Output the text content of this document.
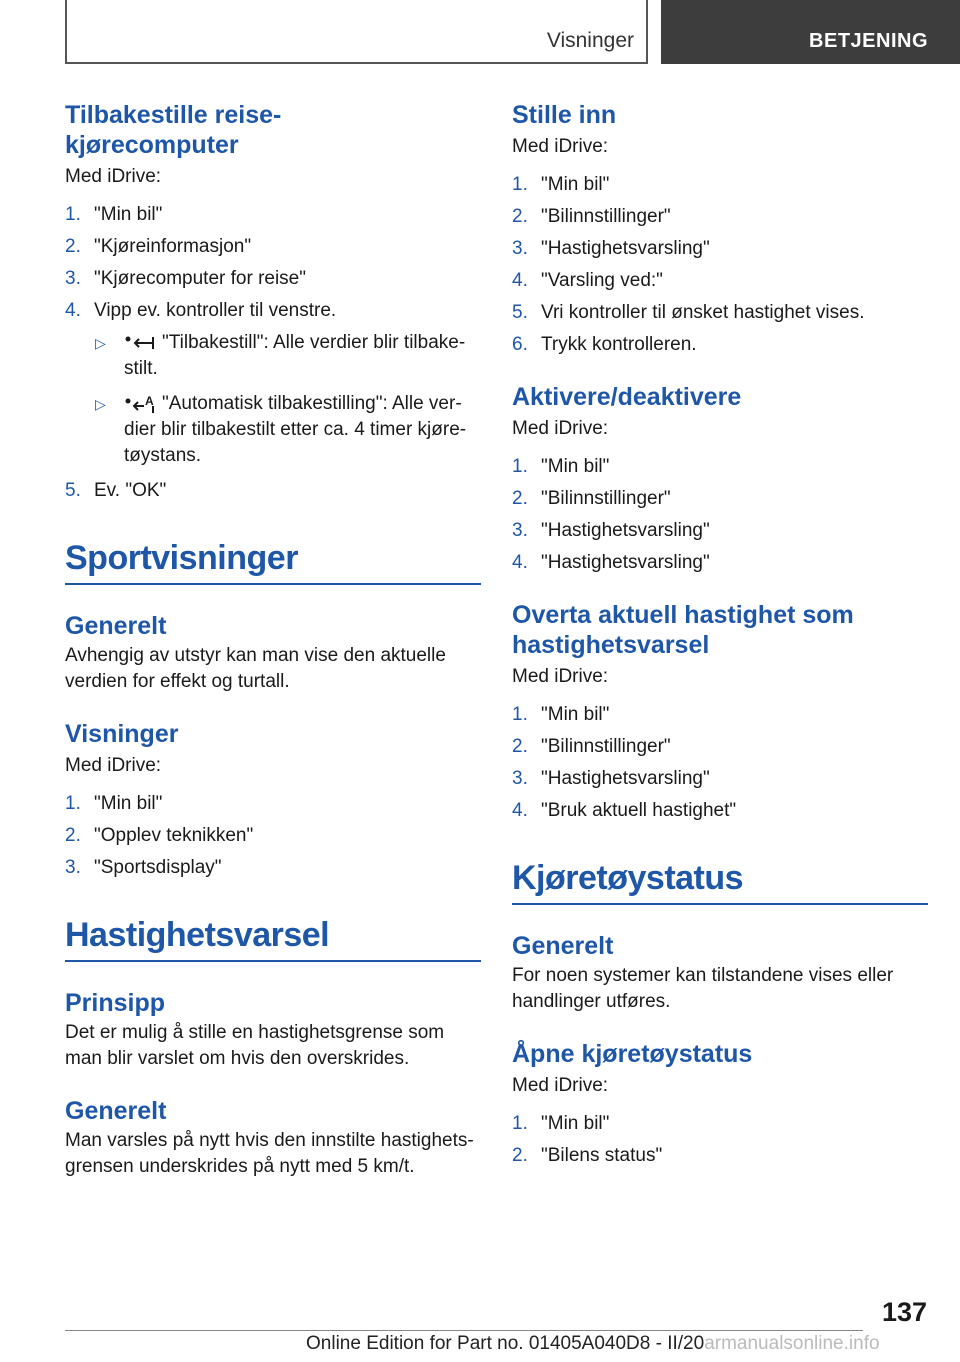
Visninger	BETJENING
Tilbakestille reise-
kjørecomputer

Med iDrive:

1. "Min bil"
2. "Kjøreinformasjon"
3. "Kjørecomputer for reise"
4. Vipp ev. kontroller til venstre.
▷	"Tilbakestill": Alle verdier blir tilbake-stilt.
▷	A "Automatisk tilbakestilling": Alle ver-dier blir tilbakestilt etter ca. 4 timer kjøre-tøystans.
5. Ev. "OK"
Sportvisninger
Generelt

Avhengig av utstyr kan man vise den aktuelle verdien for effekt og turtall.

Visninger

Med iDrive:

1. "Min bil"
2. "Opplev teknikken"
3. "Sportsdisplay"
Hastighetsvarsel
Prinsipp

Det er mulig å stille en hastighetsgrense som man blir varslet om hvis den overskrides.

Generelt

Man varsles på nytt hvis den innstilte hastighets-grensen underskrides på nytt med 5 km/t.

Stille inn

Med iDrive:

1. "Min bil"
2. "Bilinnstillinger"
3. "Hastighetsvarsling"
4. "Varsling ved:"
5. Vri kontroller til ønsket hastighet vises.
6. Trykk kontrolleren.
Aktivere/deaktivere

Med iDrive:

1. "Min bil"
2. "Bilinnstillinger"
3. "Hastighetsvarsling"
4. "Hastighetsvarsling"
Overta aktuell hastighet som hastighetsvarsel

Med iDrive:

1. "Min bil"
2. "Bilinnstillinger"
3. "Hastighetsvarsling"
4. "Bruk aktuell hastighet"
Kjøretøystatus
Generelt

For noen systemer kan tilstandene vises eller handlinger utføres.

Åpne kjøretøystatus

Med iDrive:

1. "Min bil"
2. "Bilens status"
137
Online Edition for Part no. 01405A040D8 - II/20armanualsonline.info
